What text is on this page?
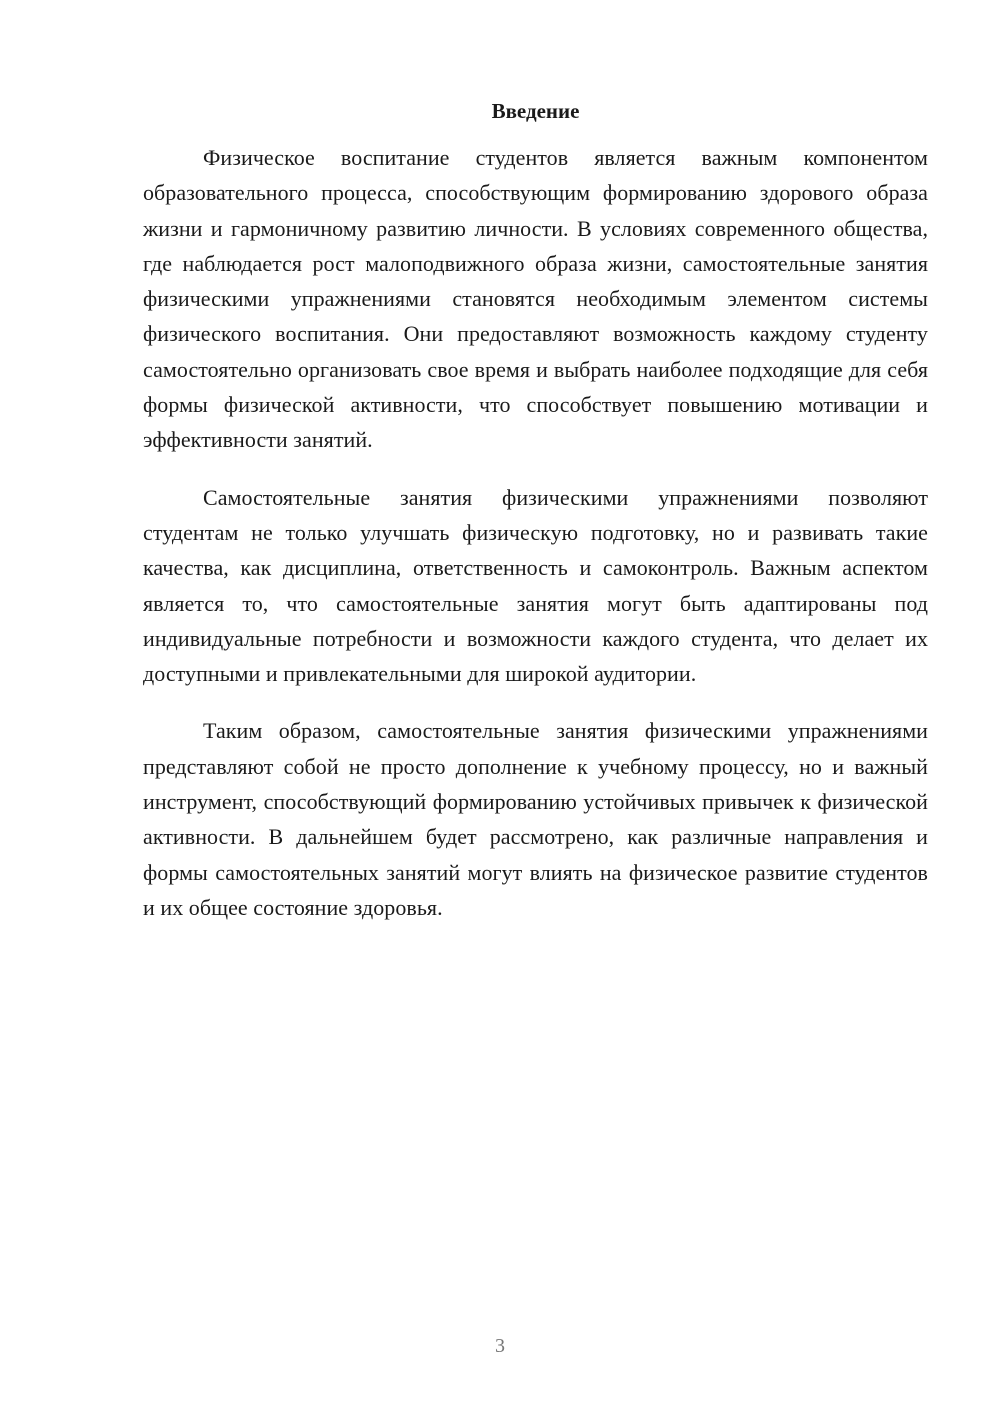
Введение

Физическое воспитание студентов является важным компонентом образовательного процесса, способствующим формированию здорового образа жизни и гармоничному развитию личности. В условиях современного общества, где наблюдается рост малоподвижного образа жизни, самостоятельные занятия физическими упражнениями становятся необходимым элементом системы физического воспитания. Они предоставляют возможность каждому студенту самостоятельно организовать свое время и выбрать наиболее подходящие для себя формы физической активности, что способствует повышению мотивации и эффективности занятий.

Самостоятельные занятия физическими упражнениями позволяют студентам не только улучшать физическую подготовку, но и развивать такие качества, как дисциплина, ответственность и самоконтроль. Важным аспектом является то, что самостоятельные занятия могут быть адаптированы под индивидуальные потребности и возможности каждого студента, что делает их доступными и привлекательными для широкой аудитории.

Таким образом, самостоятельные занятия физическими упражнениями представляют собой не просто дополнение к учебному процессу, но и важный инструмент, способствующий формированию устойчивых привычек к физической активности. В дальнейшем будет рассмотрено, как различные направления и формы самостоятельных занятий могут влиять на физическое развитие студентов и их общее состояние здоровья.

3
